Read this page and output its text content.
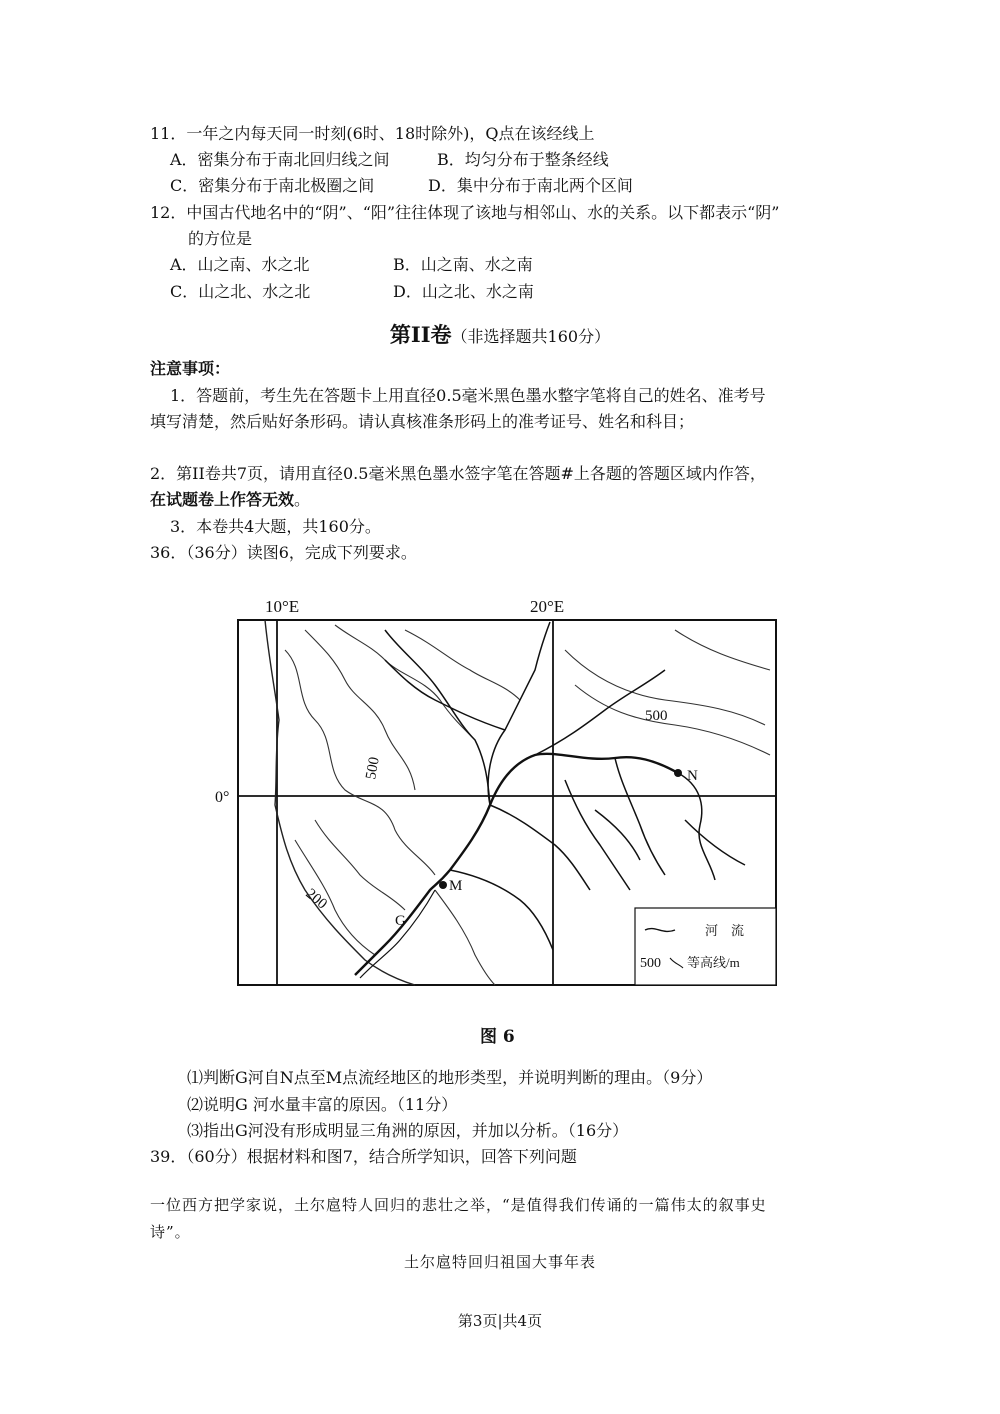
11．一年之内每天同一时刻(6时、18时除外)，Q点在该经线上
A．密集分布于南北回归线之间	B．均匀分布于整条经线
C．密集分布于南北极圈之间	D．集中分布于南北两个区间
12．中国古代地名中的“阴”、“阳”往往体现了该地与相邻山、水的关系。以下都表示“阴”
的方位是
A．山之南、水之北	B．山之南、水之南
C．山之北、水之北	D．山之北、水之南
第II卷（非选择题共160分）
注意事项：
1．答题前，考生先在答题卡上用直径0.5毫米黑色墨水整字笔将自己的姓名、准考号
填写清楚，然后贴好条形码。请认真核准条形码上的准考证号、姓名和科目；
2．第II卷共7页，请用直径0.5毫米黑色墨水签字笔在答题#上各题的答题区域内作答，
在试题卷上作答无效。
3．本卷共4大题，共160分。
36．（36分）读图6，完成下列要求。
10°E	20°E
0°
N
M
G
500
500
200
河　流
500 等高线/m
图 6
⑴判断G河自N点至M点流经地区的地形类型，并说明判断的理由。（9分）
⑵说明G 河水量丰富的原因。（11分）
⑶指出G河没有形成明显三角洲的原因，并加以分析。（16分）
39．（60分）根据材料和图7，结合所学知识，回答下列问题
一位西方把学家说，土尔扈特人回归的悲壮之举，“是值得我们传诵的一篇伟太的叙事史
诗”。
土尔扈特回归祖国大事年表
第3页|共4页
